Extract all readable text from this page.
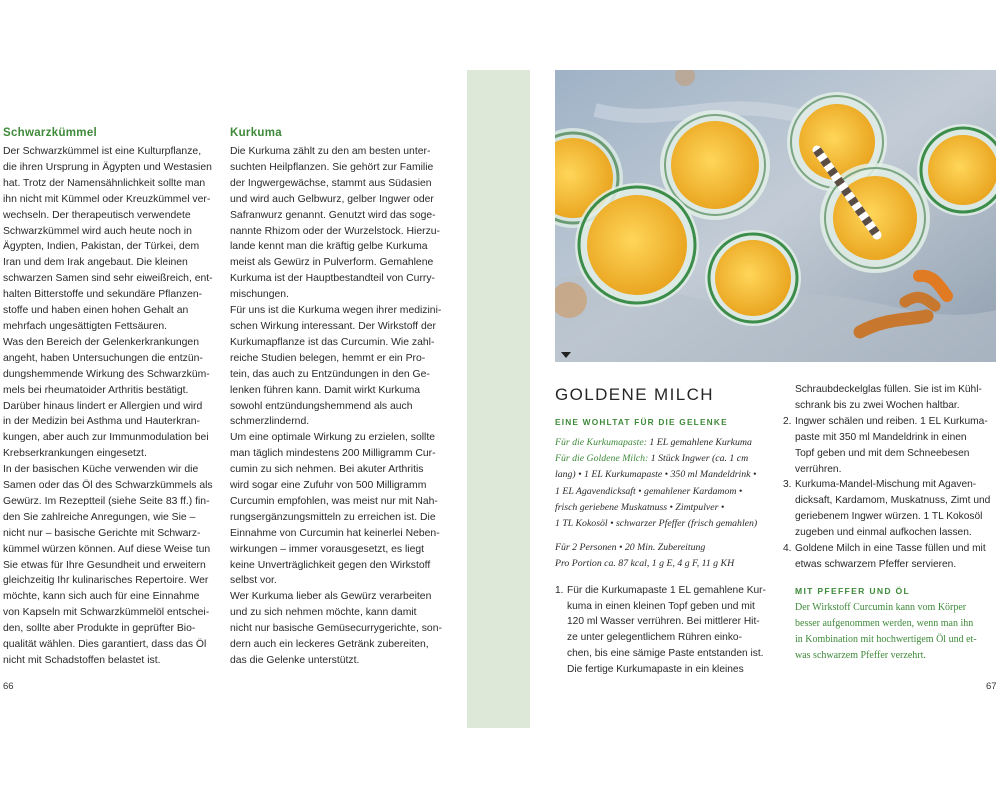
Schwarzkümmel
Der Schwarzkümmel ist eine Kulturpflanze,
die ihren Ursprung in Ägypten und Westasien
hat. Trotz der Namensähnlichkeit sollte man
ihn nicht mit Kümmel oder Kreuzkümmel ver-
wechseln. Der therapeutisch verwendete
Schwarzkümmel wird auch heute noch in
Ägypten, Indien, Pakistan, der Türkei, dem
Iran und dem Irak angebaut. Die kleinen
schwarzen Samen sind sehr eiweißreich, ent-
halten Bitterstoffe und sekundäre Pflanzen-
stoffe und haben einen hohen Gehalt an
mehrfach ungesättigten Fettsäuren.
Was den Bereich der Gelenkerkrankungen
angeht, haben Untersuchungen die entzün-
dungshemmende Wirkung des Schwarzküm-
mels bei rheumatoider Arthritis bestätigt.
Darüber hinaus lindert er Allergien und wird
in der Medizin bei Asthma und Hauterkran-
kungen, aber auch zur Immunmodulation bei
Krebserkrankungen eingesetzt.
In der basischen Küche verwenden wir die
Samen oder das Öl des Schwarzkümmels als
Gewürz. Im Rezeptteil (siehe Seite 83 ff.) fin-
den Sie zahlreiche Anregungen, wie Sie –
nicht nur – basische Gerichte mit Schwarz-
kümmel würzen können. Auf diese Weise tun
Sie etwas für Ihre Gesundheit und erweitern
gleichzeitig Ihr kulinarisches Repertoire. Wer
möchte, kann sich auch für eine Einnahme
von Kapseln mit Schwarzkümmelöl entschei-
den, sollte aber Produkte in geprüfter Bio-
qualität wählen. Dies garantiert, dass das Öl
nicht mit Schadstoffen belastet ist.
Kurkuma
Die Kurkuma zählt zu den am besten unter-
suchten Heilpflanzen. Sie gehört zur Familie
der Ingwergewächse, stammt aus Südasien
und wird auch Gelbwurz, gelber Ingwer oder
Safranwurz genannt. Genutzt wird das soge-
nannte Rhizom oder der Wurzelstock. Hierzu-
lande kennt man die kräftig gelbe Kurkuma
meist als Gewürz in Pulverform. Gemahlene
Kurkuma ist der Hauptbestandteil von Curry-
mischungen.
Für uns ist die Kurkuma wegen ihrer medizini-
schen Wirkung interessant. Der Wirkstoff der
Kurkumapflanze ist das Curcumin. Wie zahl-
reiche Studien belegen, hemmt er ein Pro-
tein, das auch zu Entzündungen in den Ge-
lenken führen kann. Damit wirkt Kurkuma
sowohl entzündungshemmend als auch
schmerzlindernd.
Um eine optimale Wirkung zu erzielen, sollte
man täglich mindestens 200 Milligramm Cur-
cumin zu sich nehmen. Bei akuter Arthritis
wird sogar eine Zufuhr von 500 Milligramm
Curcumin empfohlen, was meist nur mit Nah-
rungsergänzungsmitteln zu erreichen ist. Die
Einnahme von Curcumin hat keinerlei Neben-
wirkungen – immer vorausgesetzt, es liegt
keine Unverträglichkeit gegen den Wirkstoff
selbst vor.
Wer Kurkuma lieber als Gewürz verarbeiten
und zu sich nehmen möchte, kann damit
nicht nur basische Gemüsecurrygerichte, son-
dern auch ein leckeres Getränk zubereiten,
das die Gelenke unterstützt.
66
GOLDENE MILCH
EINE WOHLTAT FÜR DIE GELENKE
Für die Kurkumapaste: 1 EL gemahlene Kurkuma
Für die Goldene Milch: 1 Stück Ingwer (ca. 1 cm
lang) • 1 EL Kurkumapaste • 350 ml Mandeldrink •
1 EL Agavendicksaft • gemahlener Kardamom •
frisch geriebene Muskatnuss • Zimtpulver •
1 TL Kokosöl • schwarzer Pfeffer (frisch gemahlen)
Für 2 Personen • 20 Min. Zubereitung
Pro Portion ca. 87 kcal, 1 g E, 4 g F, 11 g KH
1. Für die Kurkumapaste 1 EL gemahlene Kur-
kuma in einen kleinen Topf geben und mit
120 ml Wasser verrühren. Bei mittlerer Hit-
ze unter gelegentlichem Rühren einko-
chen, bis eine sämige Paste entstanden ist.
Die fertige Kurkumapaste in ein kleines
Schraubdeckelglas füllen. Sie ist im Kühl-
schrank bis zu zwei Wochen haltbar.
2. Ingwer schälen und reiben. 1 EL Kurkuma-
paste mit 350 ml Mandeldrink in einen
Topf geben und mit dem Schneebesen
verrühren.
3. Kurkuma-Mandel-Mischung mit Agaven-
dicksaft, Kardamom, Muskatnuss, Zimt und
geriebenem Ingwer würzen. 1 TL Kokosöl
zugeben und einmal aufkochen lassen.
4. Goldene Milch in eine Tasse füllen und mit
etwas schwarzem Pfeffer servieren.
MIT PFEFFER UND ÖL
Der Wirkstoff Curcumin kann vom Körper
besser aufgenommen werden, wenn man ihn
in Kombination mit hochwertigem Öl und et-
was schwarzem Pfeffer verzehrt.
67
